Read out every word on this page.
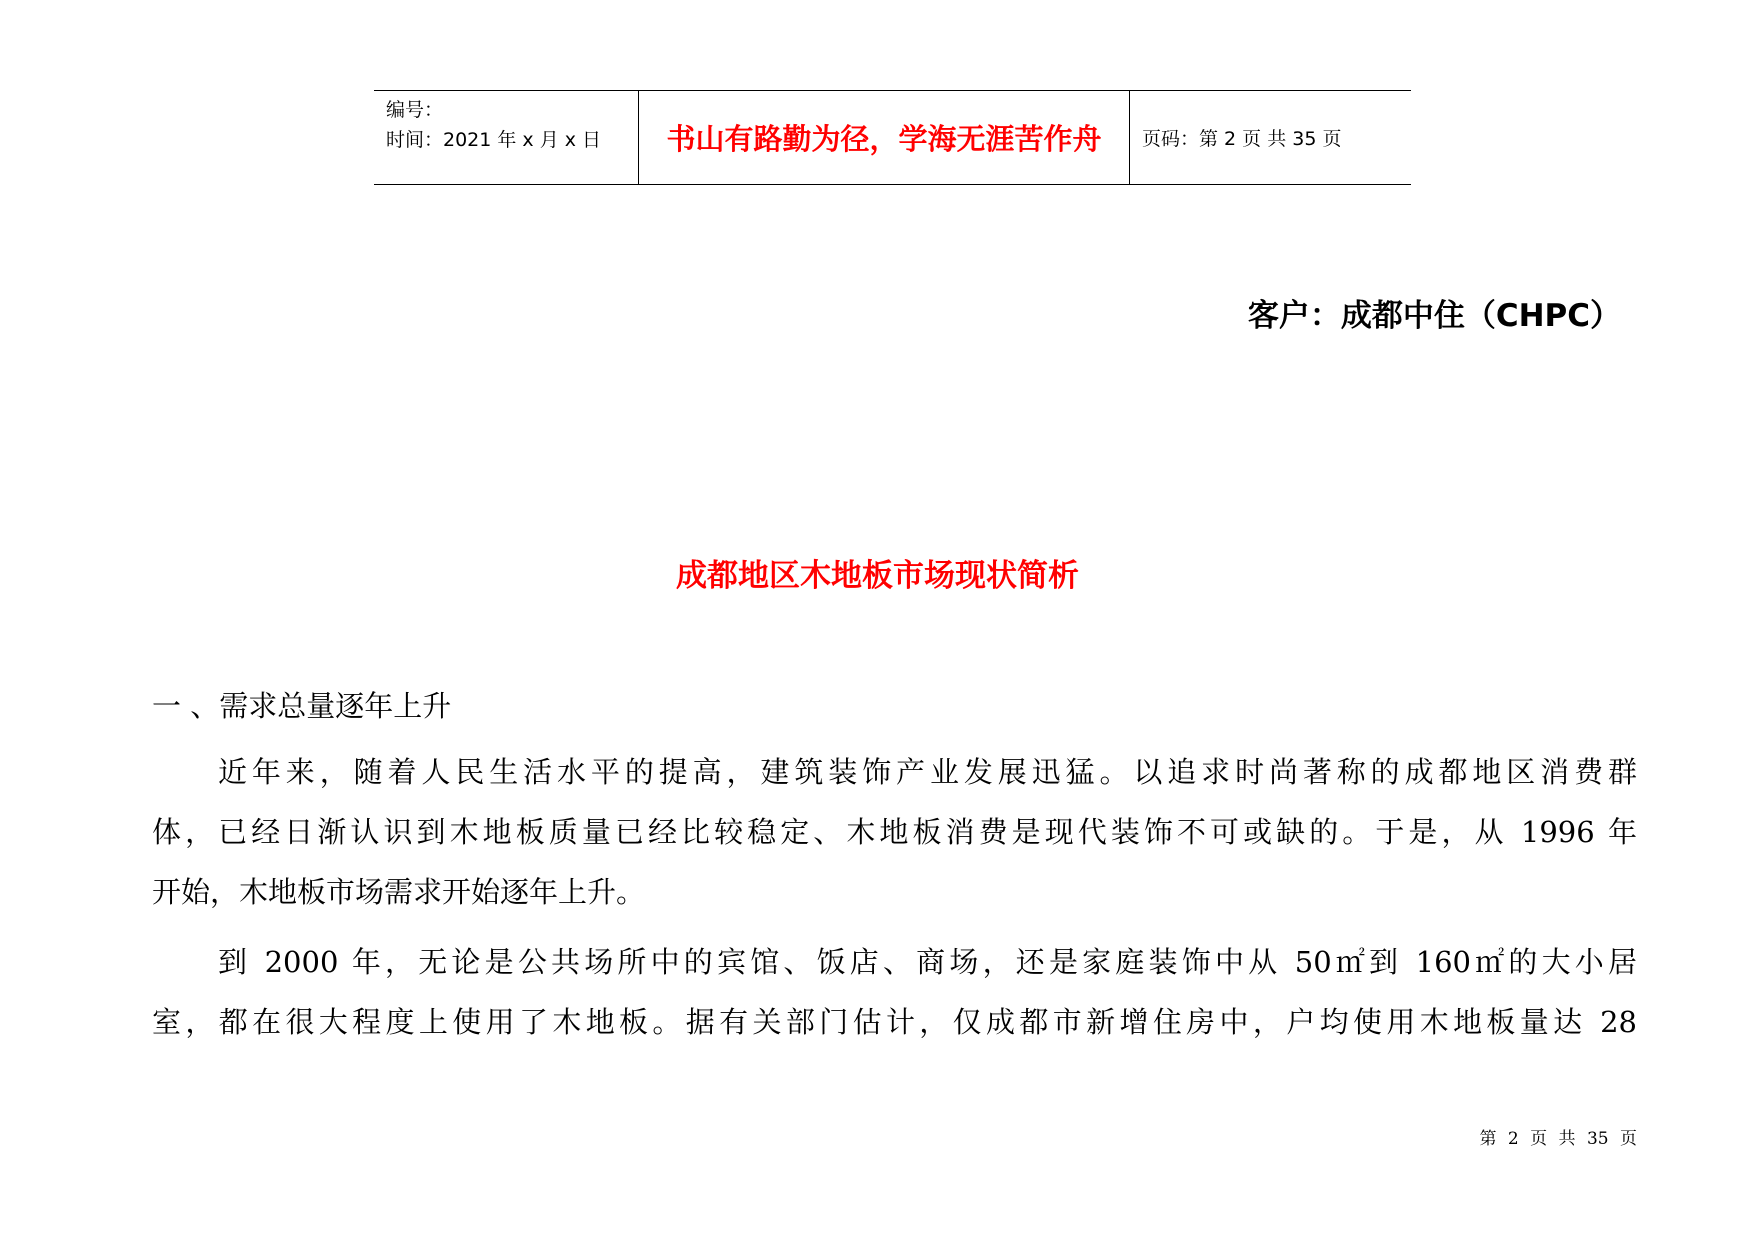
编号：
时间：2021 年 x 月 x 日	书山有路勤为径，学海无涯苦作舟	页码：第 2 页 共 35 页
客户：成都中住（CHPC）
成都地区木地板市场现状简析
一 、需求总量逐年上升
近年来，随着人民生活水平的提高，建筑装饰产业发展迅猛。以追求时尚著称的成都地区消费群
体，已经日渐认识到木地板质量已经比较稳定、木地板消费是现代装饰不可或缺的。于是，从 1996 年
开始，木地板市场需求开始逐年上升。
到 2000 年，无论是公共场所中的宾馆、饭店、商场，还是家庭装饰中从 50㎡到 160㎡的大小居
室，都在很大程度上使用了木地板。据有关部门估计，仅成都市新增住房中，户均使用木地板量达 28
第 2 页 共 35 页
